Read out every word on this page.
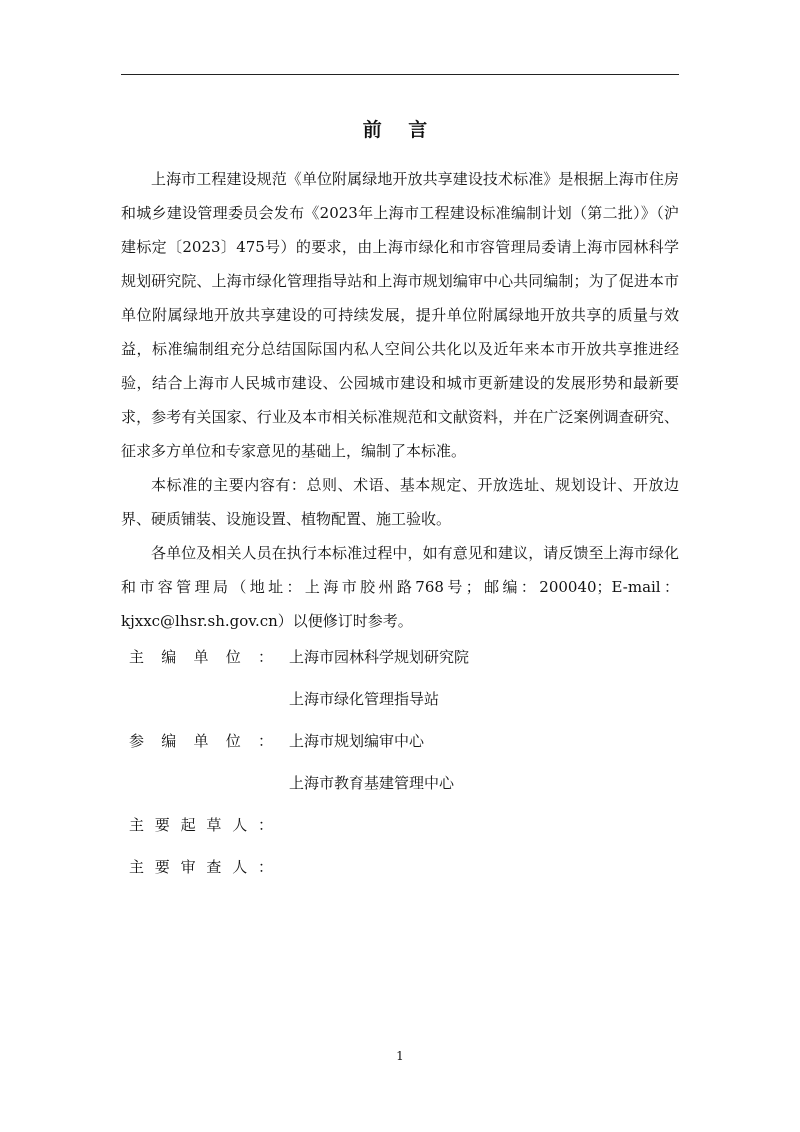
前 言

上海市工程建设规范《单位附属绿地开放共享建设技术标准》是根据上海市住房和城乡建设管理委员会发布《2023年上海市工程建设标准编制计划（第二批）》（沪建标定〔2023〕475号）的要求，由上海市绿化和市容管理局委请上海市园林科学规划研究院、上海市绿化管理指导站和上海市规划编审中心共同编制；为了促进本市单位附属绿地开放共享建设的可持续发展，提升单位附属绿地开放共享的质量与效益，标准编制组充分总结国际国内私人空间公共化以及近年来本市开放共享推进经验，结合上海市人民城市建设、公园城市建设和城市更新建设的发展形势和最新要求，参考有关国家、行业及本市相关标准规范和文献资料，并在广泛案例调查研究、征求多方单位和专家意见的基础上，编制了本标准。

本标准的主要内容有：总则、术语、基本规定、开放选址、规划设计、开放边界、硬质铺装、设施设置、植物配置、施工验收。

各单位及相关人员在执行本标准过程中，如有意见和建议，请反馈至上海市绿化和市容管理局（地址：上海市胶州路768号；邮编：200040；E-mail：kjxxc@lhsr.sh.gov.cn）以便修订时参考。

主 编 单 位 ： 上海市园林科学规划研究院
上海市绿化管理指导站
参 编 单 位 ： 上海市规划编审中心
上海市教育基建管理中心
主 要 起 草 人 ：
主 要 审 查 人 ：
1
